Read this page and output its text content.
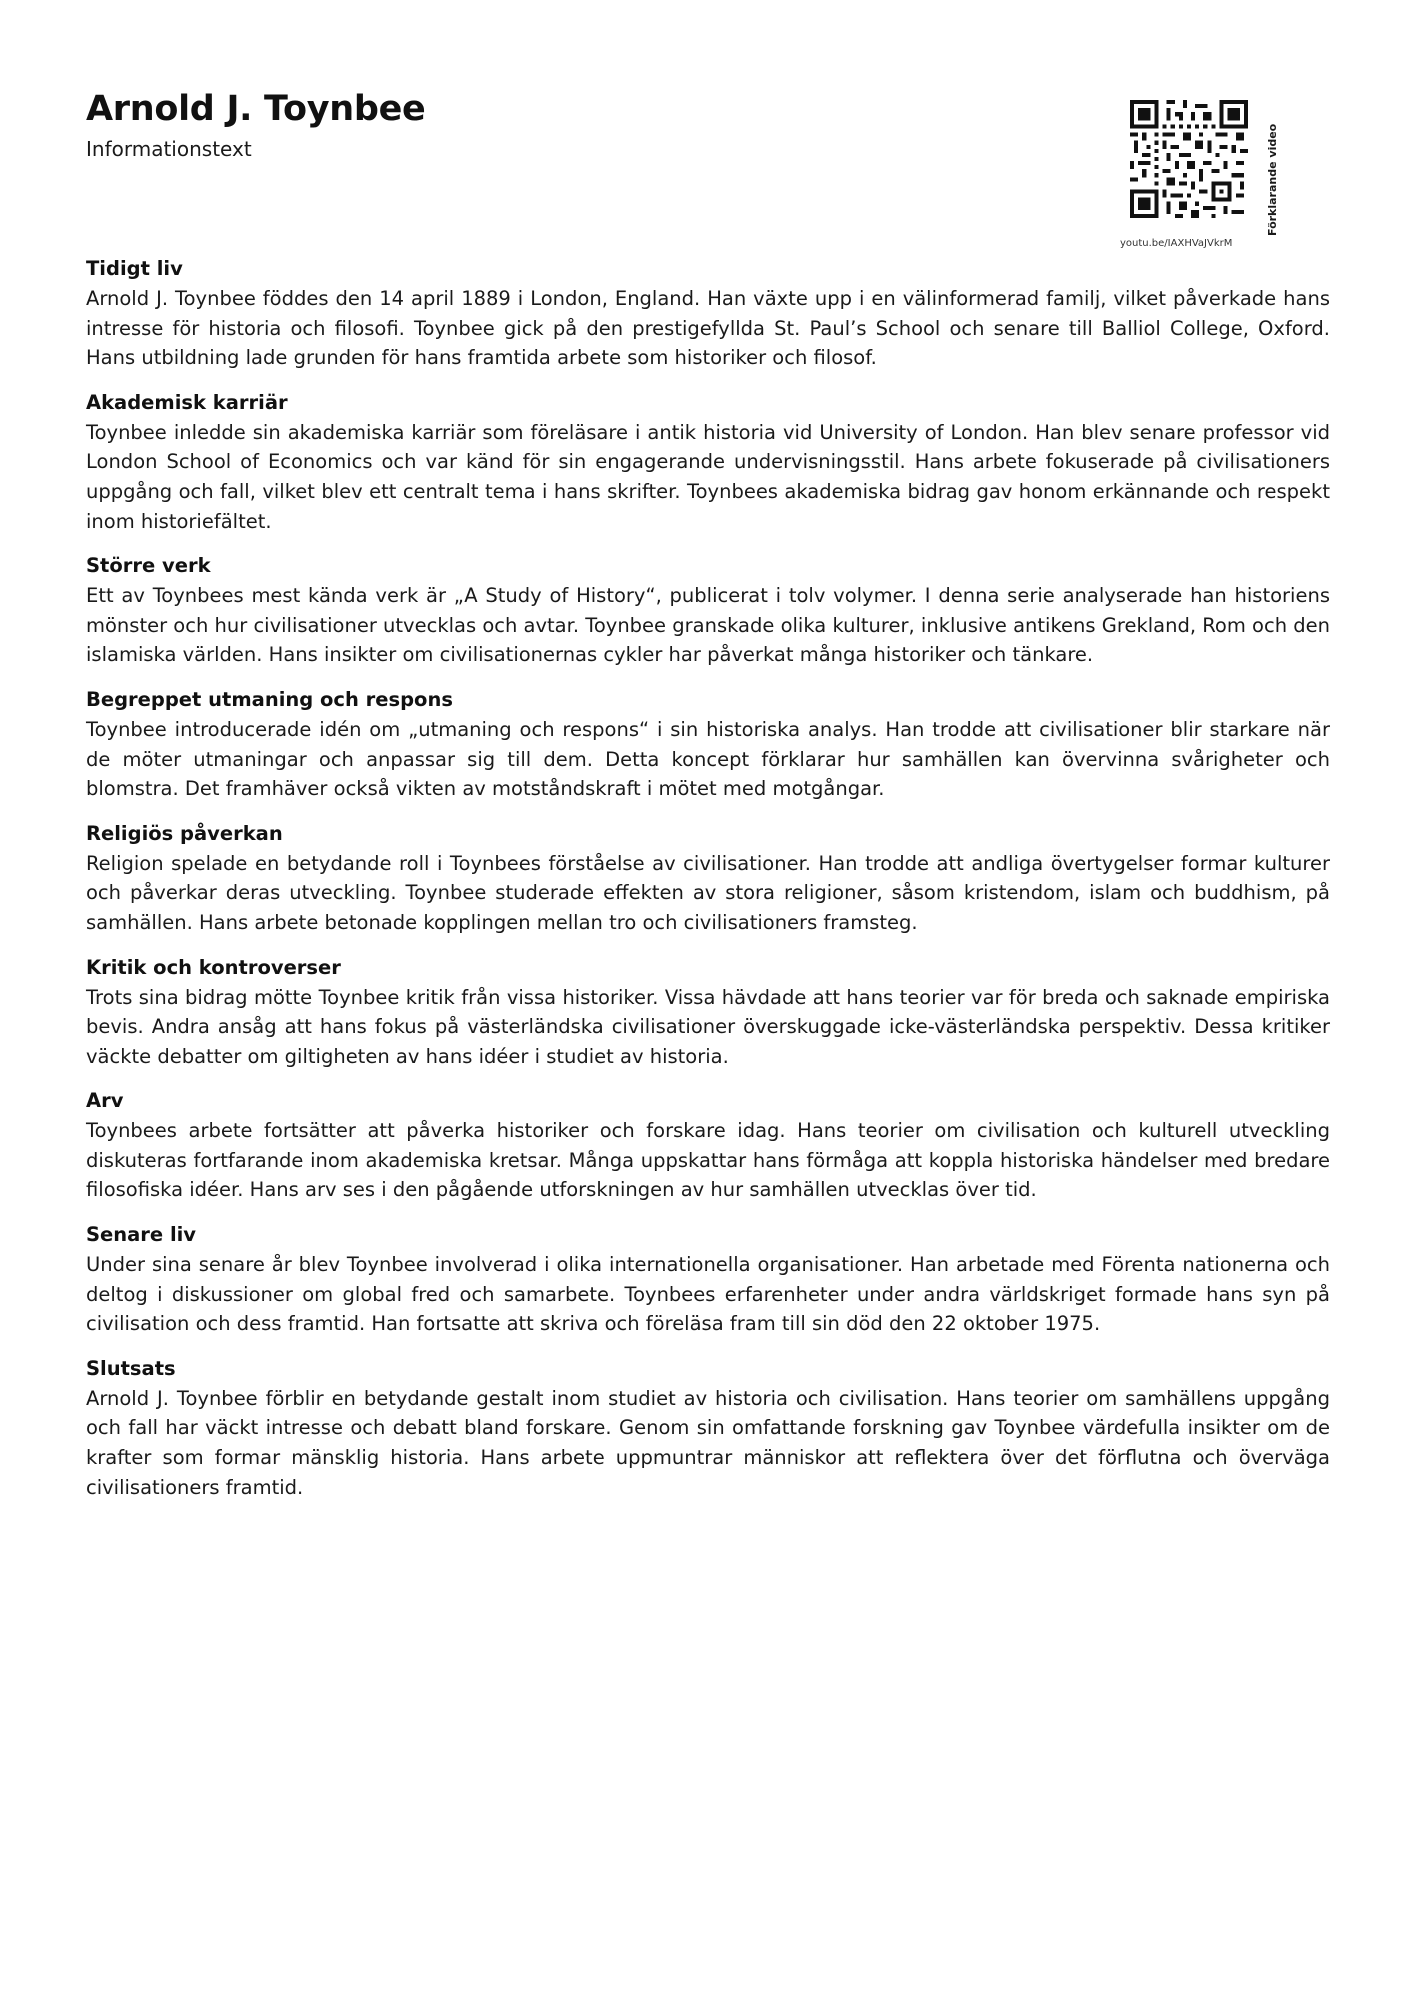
Arnold J. Toynbee

Informationstext	Förklarande video
youtu.be/IAXHVaJVkrM
Tidigt liv

Arnold J. Toynbee föddes den 14 april 1889 i London, England. Han växte upp i en välinformerad familj, vilket påverkade hans intresse för historia och filosofi. Toynbee gick på den prestigefyllda St. Paul’s School och senare till Balliol College, Oxford. Hans utbildning lade grunden för hans framtida arbete som historiker och filosof.

Akademisk karriär

Toynbee inledde sin akademiska karriär som föreläsare i antik historia vid University of London. Han blev senare professor vid London School of Economics och var känd för sin engagerande undervisningsstil. Hans arbete fokuserade på civilisationers uppgång och fall, vilket blev ett centralt tema i hans skrifter. Toynbees akademiska bidrag gav honom erkännande och respekt inom historiefältet.

Större verk

Ett av Toynbees mest kända verk är „A Study of History“, publicerat i tolv volymer. I denna serie analyserade han historiens mönster och hur civilisationer utvecklas och avtar. Toynbee granskade olika kulturer, inklusive antikens Grekland, Rom och den islamiska världen. Hans insikter om civilisationernas cykler har påverkat många historiker och tänkare.

Begreppet utmaning och respons

Toynbee introducerade idén om „utmaning och respons“ i sin historiska analys. Han trodde att civilisationer blir starkare när de möter utmaningar och anpassar sig till dem. Detta koncept förklarar hur samhällen kan övervinna svårigheter och blomstra. Det framhäver också vikten av motståndskraft i mötet med motgångar.

Religiös påverkan

Religion spelade en betydande roll i Toynbees förståelse av civilisationer. Han trodde att andliga övertygelser formar kulturer och påverkar deras utveckling. Toynbee studerade effekten av stora religioner, såsom kristendom, islam och buddhism, på samhällen. Hans arbete betonade kopplingen mellan tro och civilisationers framsteg.

Kritik och kontroverser

Trots sina bidrag mötte Toynbee kritik från vissa historiker. Vissa hävdade att hans teorier var för breda och saknade empiriska bevis. Andra ansåg att hans fokus på västerländska civilisationer överskuggade icke-västerländska perspektiv. Dessa kritiker väckte debatter om giltigheten av hans idéer i studiet av historia.

Arv

Toynbees arbete fortsätter att påverka historiker och forskare idag. Hans teorier om civilisation och kulturell utveckling diskuteras fortfarande inom akademiska kretsar. Många uppskattar hans förmåga att koppla historiska händelser med bredare filosofiska idéer. Hans arv ses i den pågående utforskningen av hur samhällen utvecklas över tid.

Senare liv

Under sina senare år blev Toynbee involverad i olika internationella organisationer. Han arbetade med Förenta nationerna och deltog i diskussioner om global fred och samarbete. Toynbees erfarenheter under andra världskriget formade hans syn på civilisation och dess framtid. Han fortsatte att skriva och föreläsa fram till sin död den 22 oktober 1975.

Slutsats

Arnold J. Toynbee förblir en betydande gestalt inom studiet av historia och civilisation. Hans teorier om samhällens uppgång och fall har väckt intresse och debatt bland forskare. Genom sin omfattande forskning gav Toynbee värdefulla insikter om de krafter som formar mänsklig historia. Hans arbete uppmuntrar människor att reflektera över det förflutna och överväga civilisationers framtid.
